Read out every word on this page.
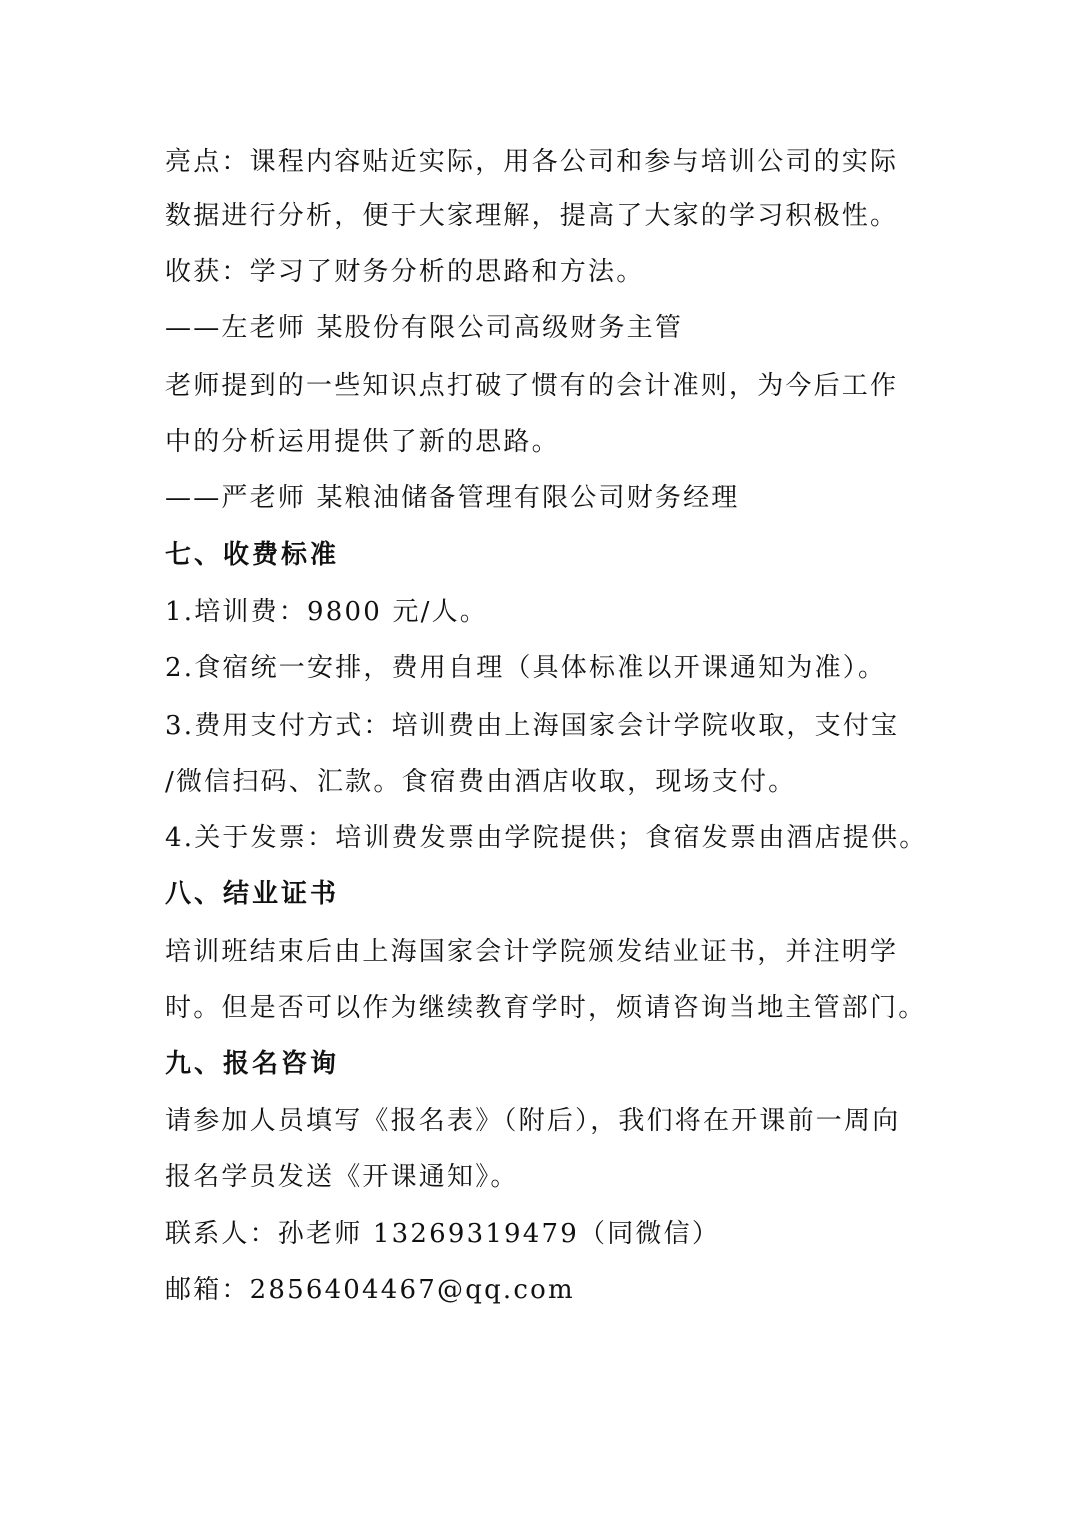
亮点：课程内容贴近实际，用各公司和参与培训公司的实际
数据进行分析，便于大家理解，提高了大家的学习积极性。
收获：学习了财务分析的思路和方法。
——左老师 某股份有限公司高级财务主管
老师提到的一些知识点打破了惯有的会计准则，为今后工作
中的分析运用提供了新的思路。
——严老师 某粮油储备管理有限公司财务经理
七、收费标准
1.培训费：9800 元/人。
2.食宿统一安排，费用自理（具体标准以开课通知为准）。
3.费用支付方式：培训费由上海国家会计学院收取，支付宝
/微信扫码、汇款。食宿费由酒店收取，现场支付。
4.关于发票：培训费发票由学院提供；食宿发票由酒店提供。
八、结业证书
培训班结束后由上海国家会计学院颁发结业证书，并注明学
时。但是否可以作为继续教育学时，烦请咨询当地主管部门。
九、报名咨询
请参加人员填写《报名表》（附后），我们将在开课前一周向
报名学员发送《开课通知》。
联系人：孙老师 13269319479（同微信）
邮箱：2856404467@qq.com
